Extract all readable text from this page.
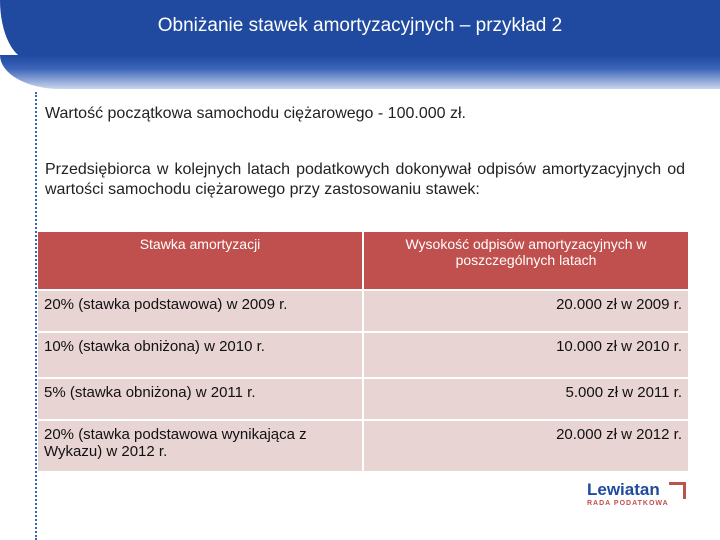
Obniżanie stawek amortyzacyjnych – przykład 2
Wartość początkowa samochodu ciężarowego - 100.000 zł.
Przedsiębiorca w kolejnych latach podatkowych dokonywał odpisów amortyzacyjnych od wartości samochodu ciężarowego przy zastosowaniu stawek:
Stawka amortyzacji	Wysokość odpisów amortyzacyjnych w poszczególnych latach
20% (stawka podstawowa) w 2009 r.	20.000 zł w 2009 r.
10% (stawka obniżona) w 2010 r.	10.000 zł w 2010 r.
5% (stawka obniżona) w 2011 r.	5.000 zł w 2011 r.
20% (stawka podstawowa wynikająca z Wykazu) w 2012 r.	20.000 zł w 2012 r.
Lewiatan
RADA PODATKOWA
